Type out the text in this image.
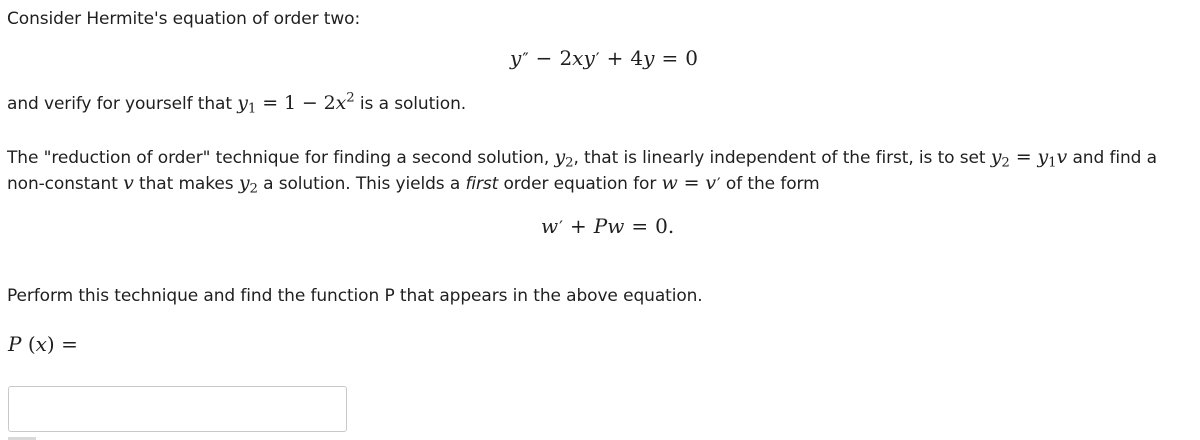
Consider Hermite's equation of order two:
y″ − 2xy′ + 4y = 0
and verify for yourself that $y_1 = 1 - 2x^2$ is a solution.
The "reduction of order" technique for finding a second solution, $y_2$, that is linearly independent of the first, is to set $y_2 = y_1v$ and find a
non-constant v that makes $y_2$ a solution. This yields a first order equation for w = v′ of the form
w′ + Pw = 0.
Perform this technique and find the function P that appears in the above equation.
P (x) =
